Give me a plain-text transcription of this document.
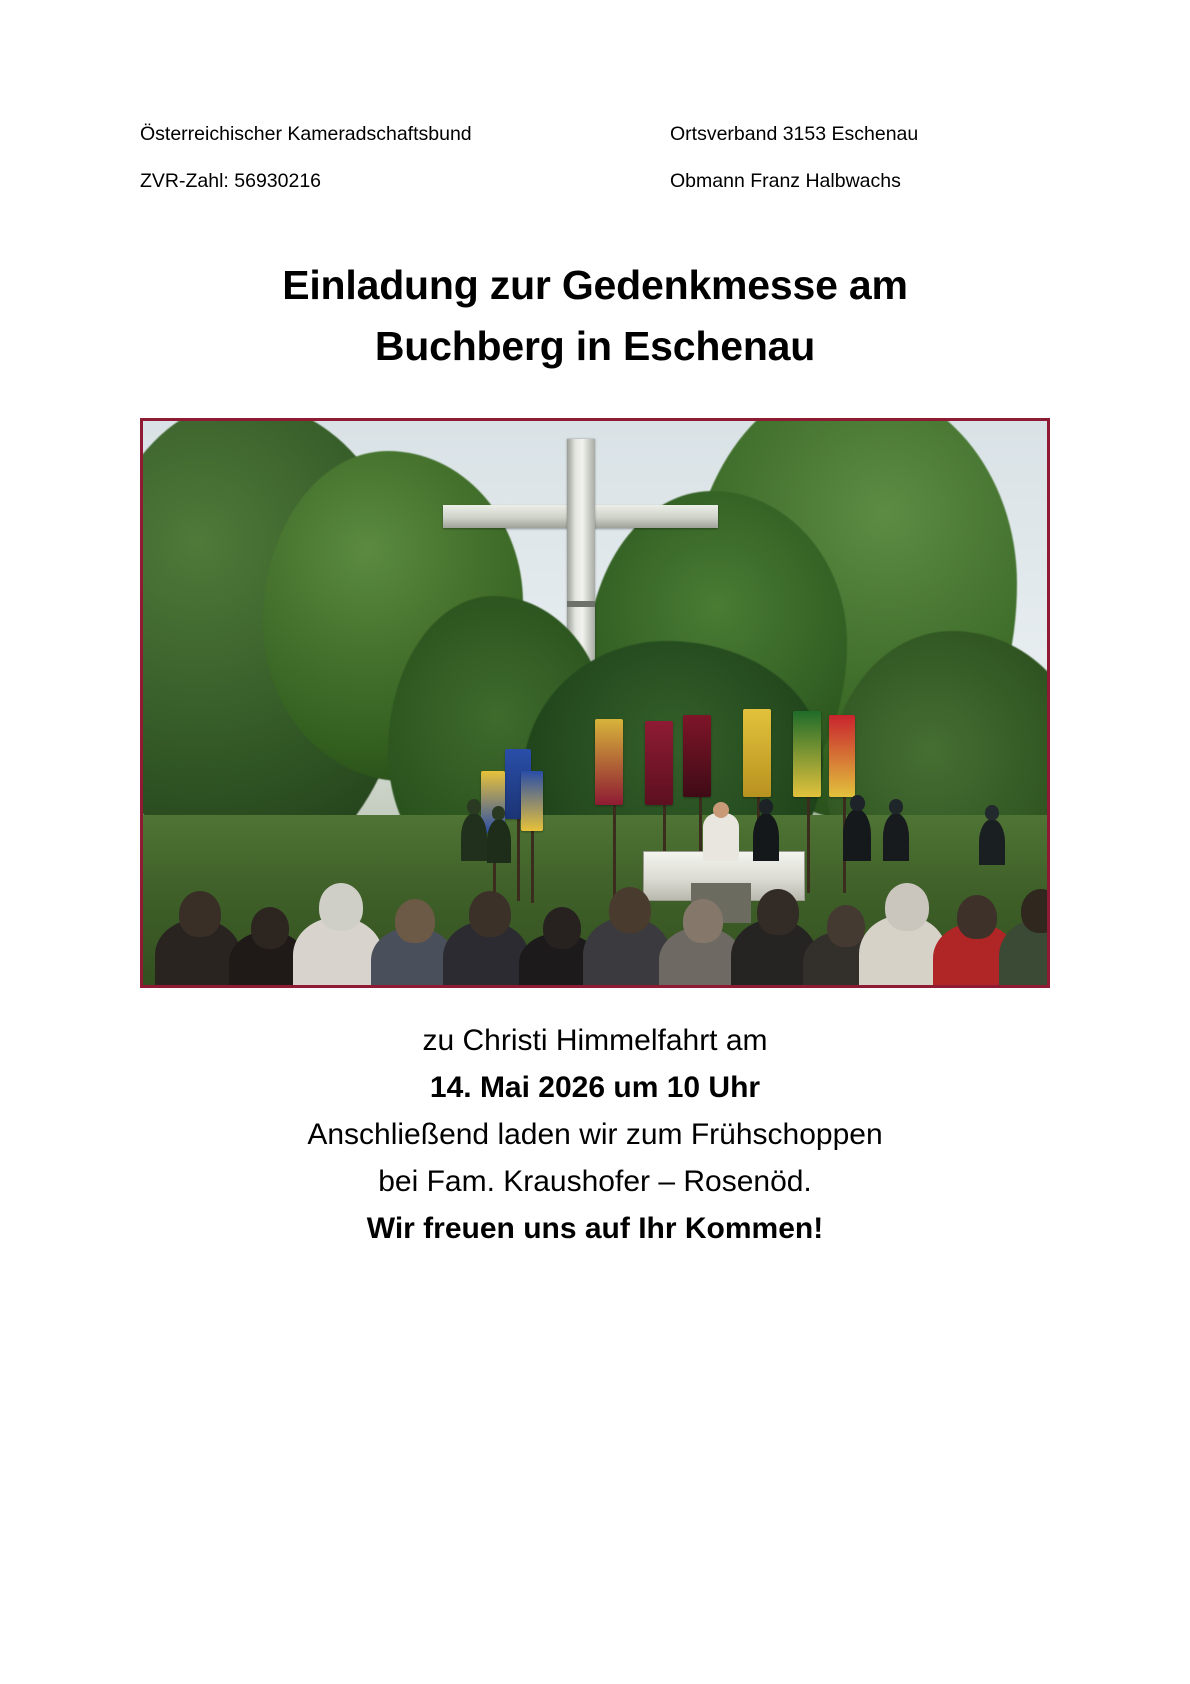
Österreichischer Kameradschaftsbund	Ortsverband 3153 Eschenau
ZVR-Zahl: 56930216	Obmann Franz Halbwachs
Einladung zur Gedenkmesse am
Buchberg in Eschenau

zu Christi Himmelfahrt am

14. Mai 2026 um 10 Uhr

Anschließend laden wir zum Frühschoppen

bei Fam. Kraushofer – Rosenöd.

Wir freuen uns auf Ihr Kommen!
